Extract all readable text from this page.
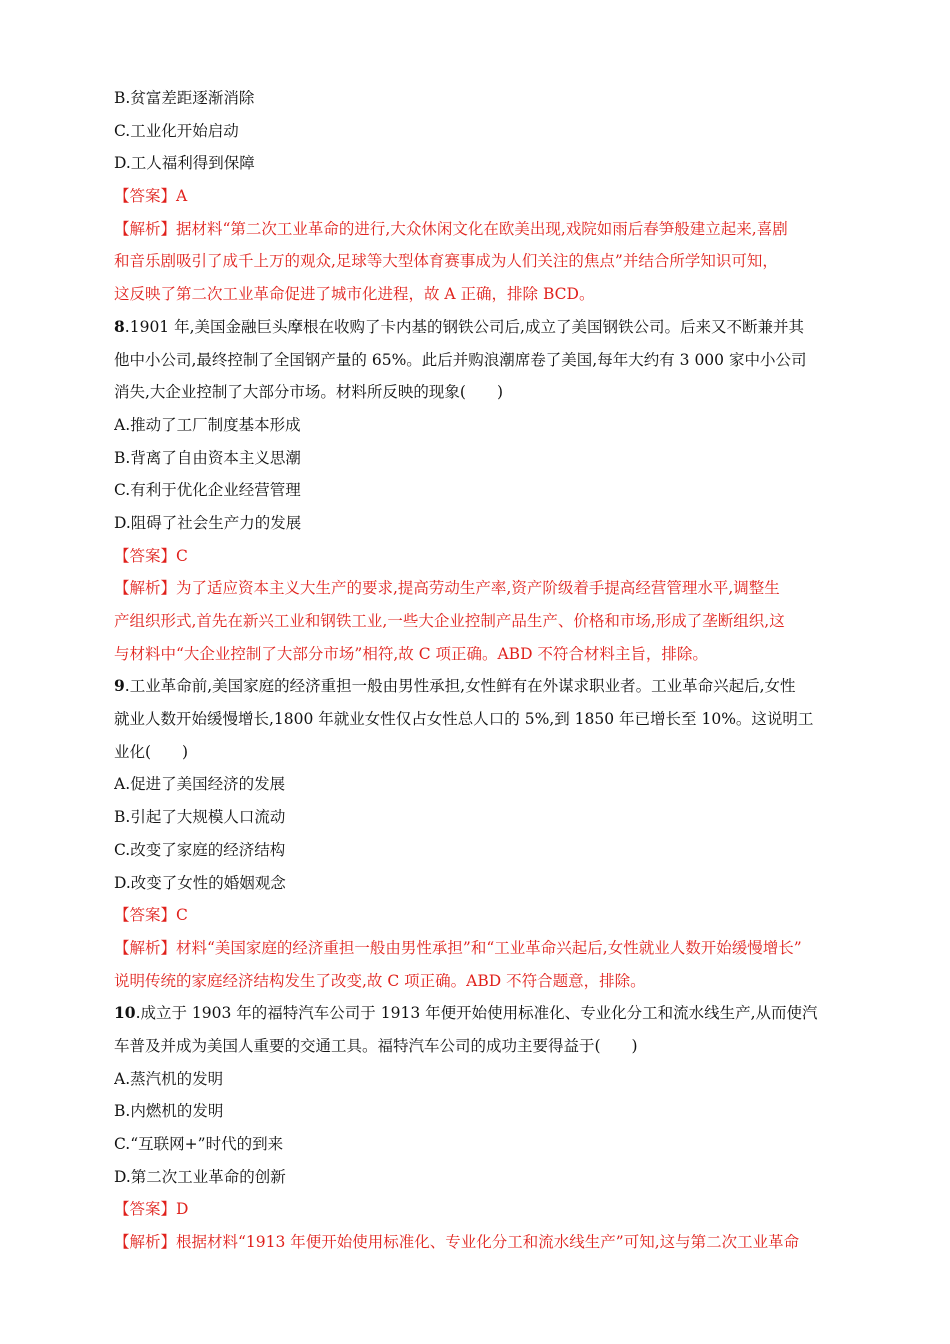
B.贫富差距逐渐消除
C.工业化开始启动
D.工人福利得到保障
【答案】A
【解析】据材料“第二次工业革命的进行,大众休闲文化在欧美出现,戏院如雨后春笋般建立起来,喜剧
和音乐剧吸引了成千上万的观众,足球等大型体育赛事成为人们关注的焦点”并结合所学知识可知，
这反映了第二次工业革命促进了城市化进程，故 A 正确，排除 BCD。
8.1901 年,美国金融巨头摩根在收购了卡内基的钢铁公司后,成立了美国钢铁公司。后来又不断兼并其
他中小公司,最终控制了全国钢产量的 65%。此后并购浪潮席卷了美国,每年大约有 3 000 家中小公司
消失,大企业控制了大部分市场。材料所反映的现象(　　)
A.推动了工厂制度基本形成
B.背离了自由资本主义思潮
C.有利于优化企业经营管理
D.阻碍了社会生产力的发展
【答案】C
【解析】为了适应资本主义大生产的要求,提高劳动生产率,资产阶级着手提高经营管理水平,调整生
产组织形式,首先在新兴工业和钢铁工业,一些大企业控制产品生产、价格和市场,形成了垄断组织,这
与材料中“大企业控制了大部分市场”相符,故 C 项正确。ABD 不符合材料主旨，排除。
9.工业革命前,美国家庭的经济重担一般由男性承担,女性鲜有在外谋求职业者。工业革命兴起后,女性
就业人数开始缓慢增长,1800 年就业女性仅占女性总人口的 5%,到 1850 年已增长至 10%。这说明工
业化(　　)
A.促进了美国经济的发展
B.引起了大规模人口流动
C.改变了家庭的经济结构
D.改变了女性的婚姻观念
【答案】C
【解析】材料“美国家庭的经济重担一般由男性承担”和“工业革命兴起后,女性就业人数开始缓慢增长”
说明传统的家庭经济结构发生了改变,故 C 项正确。ABD 不符合题意，排除。
10.成立于 1903 年的福特汽车公司于 1913 年便开始使用标准化、专业化分工和流水线生产,从而使汽
车普及并成为美国人重要的交通工具。福特汽车公司的成功主要得益于(　　)
A.蒸汽机的发明
B.内燃机的发明
C.“互联网+”时代的到来
D.第二次工业革命的创新
【答案】D
【解析】根据材料“1913 年便开始使用标准化、专业化分工和流水线生产”可知,这与第二次工业革命
